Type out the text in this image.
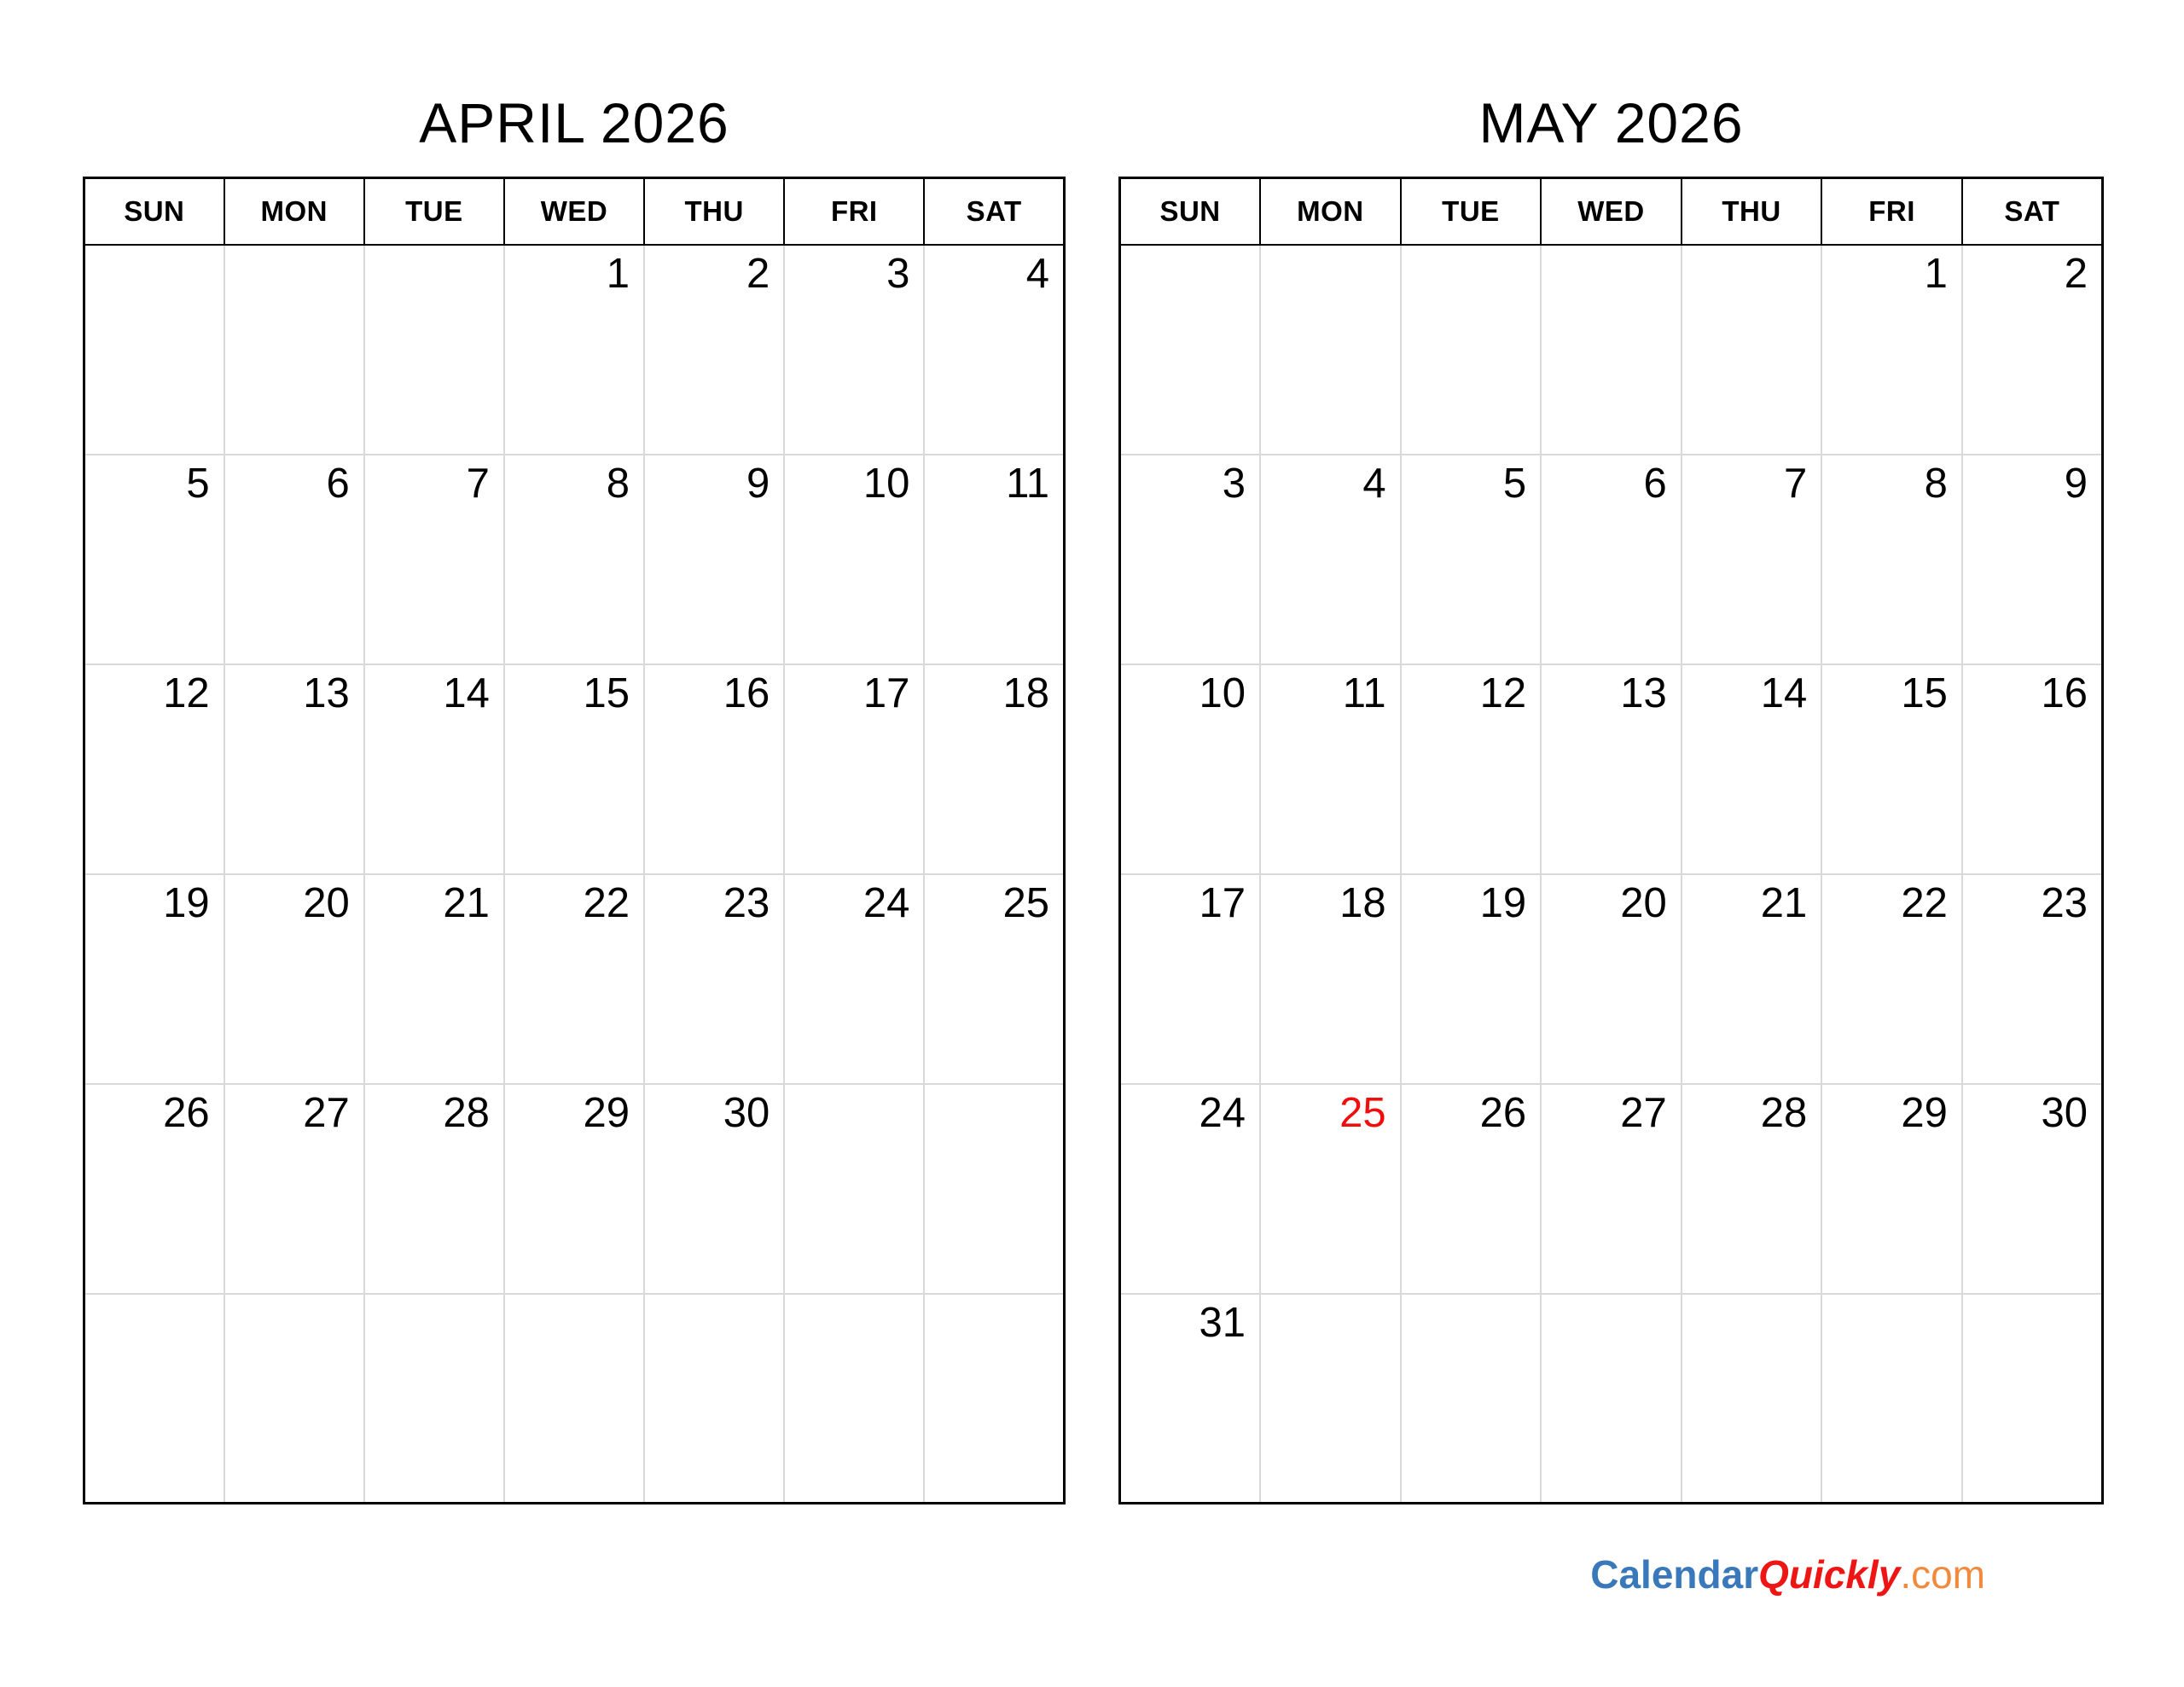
APRIL 2026	MAY 2026
SUN	MON	TUE	WED	THU	FRI	SAT
			1	2	3	4
5	6	7	8	9	10	11
12	13	14	15	16	17	18
19	20	21	22	23	24	25
26	27	28	29	30		

SUN	MON	TUE	WED	THU	FRI	SAT
					1	2
3	4	5	6	7	8	9
10	11	12	13	14	15	16
17	18	19	20	21	22	23
24	25	26	27	28	29	30
31						
CalendarQuickly.com
